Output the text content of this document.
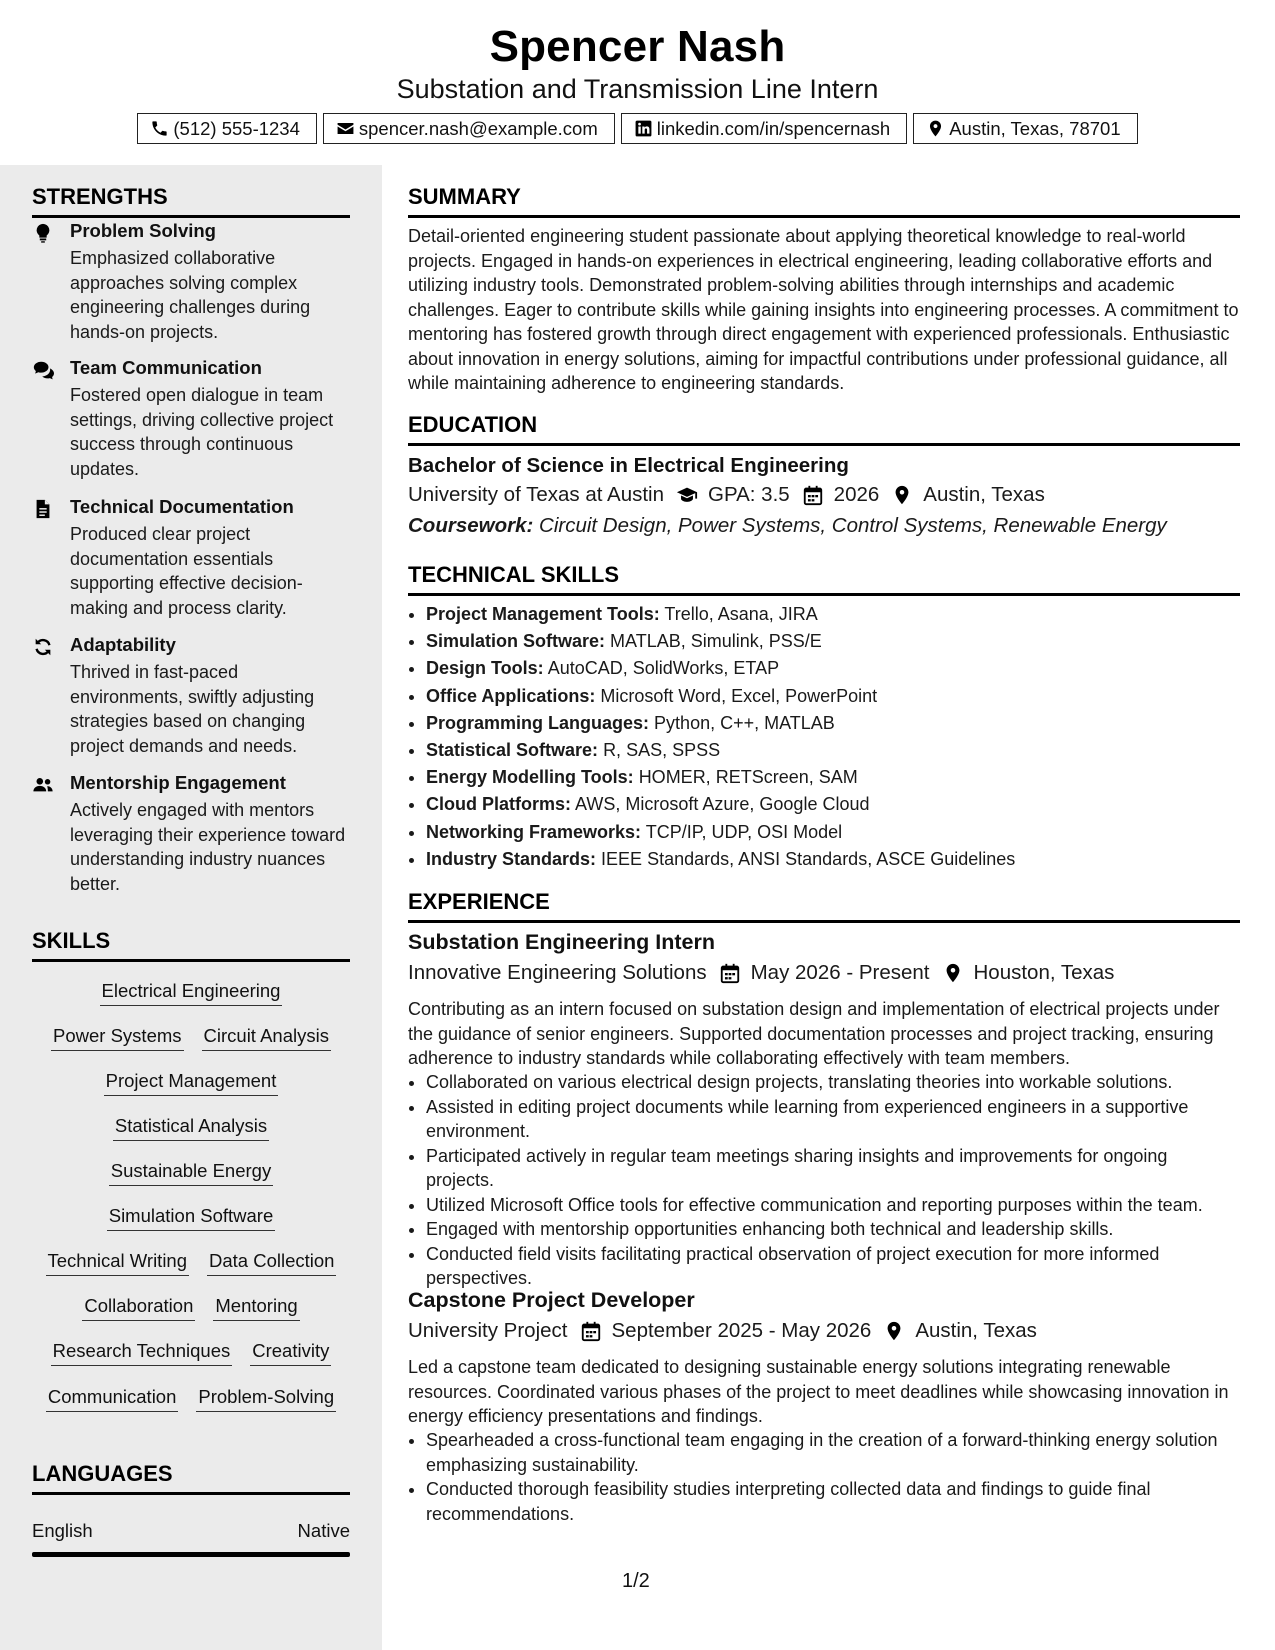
Spencer Nash
Substation and Transmission Line Intern
(512) 555-1234	spencer.nash@example.com	linkedin.com/in/spencernash	Austin, Texas, 78701
STRENGTHS
Problem Solving
Emphasized collaborative approaches solving complex engineering challenges during hands-on projects.
Team Communication
Fostered open dialogue in team settings, driving collective project success through continuous updates.
Technical Documentation
Produced clear project documentation essentials supporting effective decision-making and process clarity.
Adaptability
Thrived in fast-paced environments, swiftly adjusting strategies based on changing project demands and needs.
Mentorship Engagement
Actively engaged with mentors leveraging their experience toward understanding industry nuances better.
SKILLS
Electrical Engineering
Power Systems Circuit Analysis
Project Management
Statistical Analysis
Sustainable Energy
Simulation Software
Technical Writing Data Collection
Collaboration Mentoring
Research Techniques Creativity
Communication Problem-Solving
LANGUAGES
English	Native
SUMMARY
Detail-oriented engineering student passionate about applying theoretical knowledge to real-world projects. Engaged in hands-on experiences in electrical engineering, leading collaborative efforts and utilizing industry tools. Demonstrated problem-solving abilities through internships and academic challenges. Eager to contribute skills while gaining insights into engineering processes. A commitment to mentoring has fostered growth through direct engagement with experienced professionals. Enthusiastic about innovation in energy solutions, aiming for impactful contributions under professional guidance, all while maintaining adherence to engineering standards.
EDUCATION
Bachelor of Science in Electrical Engineering
University of Texas at Austin GPA: 3.5 2026 Austin, Texas
Coursework: Circuit Design, Power Systems, Control Systems, Renewable Energy
TECHNICAL SKILLS
• Project Management Tools: Trello, Asana, JIRA
• Simulation Software: MATLAB, Simulink, PSS/E
• Design Tools: AutoCAD, SolidWorks, ETAP
• Office Applications: Microsoft Word, Excel, PowerPoint
• Programming Languages: Python, C++, MATLAB
• Statistical Software: R, SAS, SPSS
• Energy Modelling Tools: HOMER, RETScreen, SAM
• Cloud Platforms: AWS, Microsoft Azure, Google Cloud
• Networking Frameworks: TCP/IP, UDP, OSI Model
• Industry Standards: IEEE Standards, ANSI Standards, ASCE Guidelines
EXPERIENCE
Substation Engineering Intern
Innovative Engineering Solutions May 2026 - Present Houston, Texas
Contributing as an intern focused on substation design and implementation of electrical projects under the guidance of senior engineers. Supported documentation processes and project tracking, ensuring adherence to industry standards while collaborating effectively with team members.
• Collaborated on various electrical design projects, translating theories into workable solutions.
• Assisted in editing project documents while learning from experienced engineers in a supportive environment.
• Participated actively in regular team meetings sharing insights and improvements for ongoing projects.
• Utilized Microsoft Office tools for effective communication and reporting purposes within the team.
• Engaged with mentorship opportunities enhancing both technical and leadership skills.
• Conducted field visits facilitating practical observation of project execution for more informed perspectives.
Capstone Project Developer
University Project September 2025 - May 2026 Austin, Texas
Led a capstone team dedicated to designing sustainable energy solutions integrating renewable resources. Coordinated various phases of the project to meet deadlines while showcasing innovation in energy efficiency presentations and findings.
• Spearheaded a cross-functional team engaging in the creation of a forward-thinking energy solution emphasizing sustainability.
• Conducted thorough feasibility studies interpreting collected data and findings to guide final recommendations.
1/2
